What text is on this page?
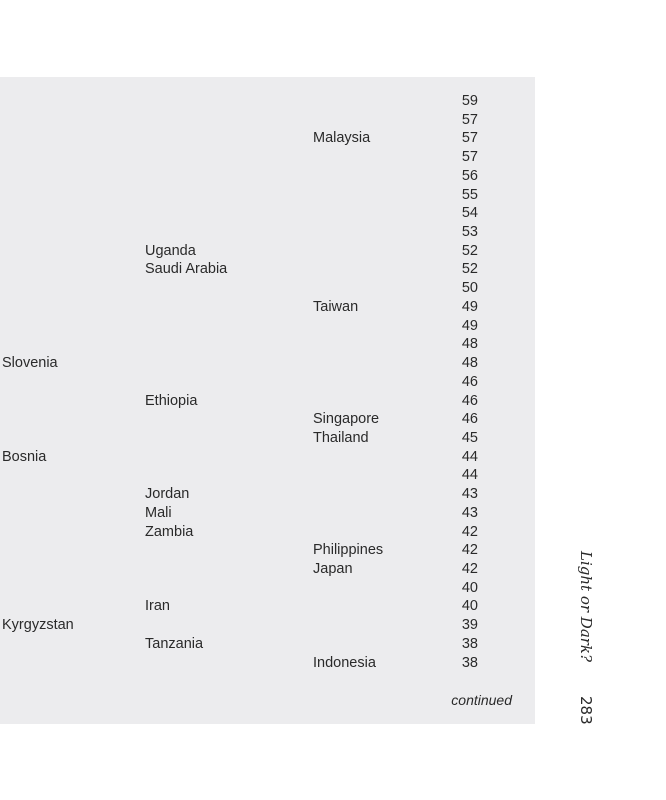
continued
59
57
Malaysia	57
57
56
55
54
53
Uganda	52
Saudi Arabia	52
50
Taiwan	49
49
48
Slovenia	48
46
Ethiopia	46
Singapore	46
Thailand	45
Bosnia	44
44
Jordan	43
Mali	43
Zambia	42
Philippines	42
Japan	42
40
Iran	40
Kyrgyzstan	39
Tanzania	38
Indonesia	38
Light or Dark?
283
